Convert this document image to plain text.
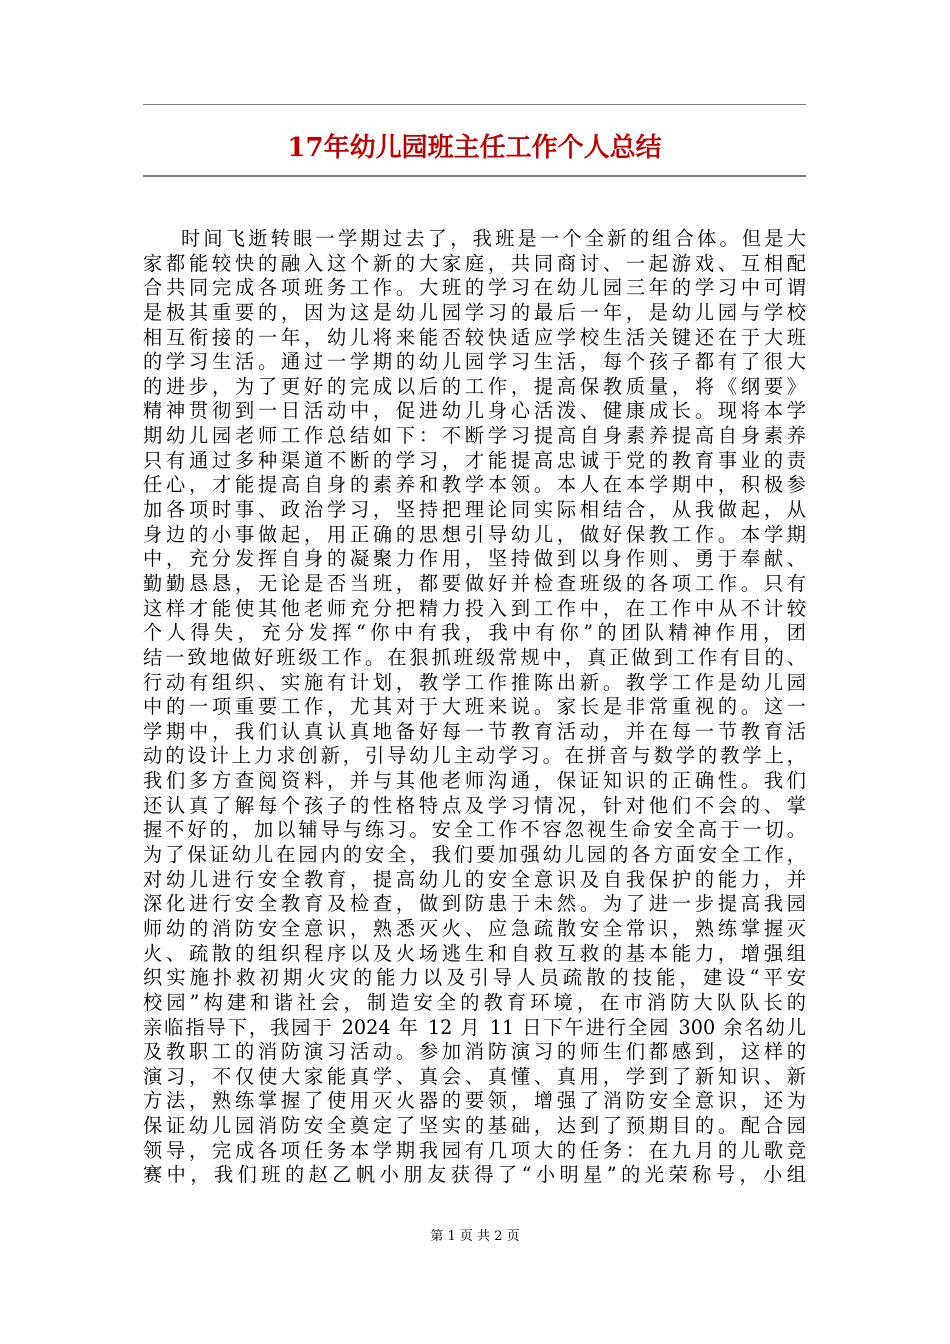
17年幼儿园班主任工作个人总结
时间飞逝转眼一学期过去了，我班是一个全新的组合体。但是大
家都能较快的融入这个新的大家庭，共同商讨、一起游戏、互相配
合共同完成各项班务工作。大班的学习在幼儿园三年的学习中可谓
是极其重要的，因为这是幼儿园学习的最后一年，是幼儿园与学校
相互衔接的一年，幼儿将来能否较快适应学校生活关键还在于大班
的学习生活。通过一学期的幼儿园学习生活，每个孩子都有了很大
的进步，为了更好的完成以后的工作，提高保教质量，将《纲要》
精神贯彻到一日活动中，促进幼儿身心活泼、健康成长。现将本学
期幼儿园老师工作总结如下：不断学习提高自身素养提高自身素养
只有通过多种渠道不断的学习，才能提高忠诚于党的教育事业的责
任心，才能提高自身的素养和教学本领。本人在本学期中，积极参
加各项时事、政治学习，坚持把理论同实际相结合，从我做起，从
身边的小事做起，用正确的思想引导幼儿，做好保教工作。本学期
中，充分发挥自身的凝聚力作用，坚持做到以身作则、勇于奉献、
勤勤恳恳，无论是否当班，都要做好并检查班级的各项工作。只有
这样才能使其他老师充分把精力投入到工作中，在工作中从不计较
个人得失，充分发挥“你中有我，我中有你”的团队精神作用，团
结一致地做好班级工作。在狠抓班级常规中，真正做到工作有目的、
行动有组织、实施有计划，教学工作推陈出新。教学工作是幼儿园
中的一项重要工作，尤其对于大班来说。家长是非常重视的。这一
学期中，我们认真认真地备好每一节教育活动，并在每一节教育活
动的设计上力求创新，引导幼儿主动学习。在拼音与数学的教学上，
我们多方查阅资料，并与其他老师沟通，保证知识的正确性。我们
还认真了解每个孩子的性格特点及学习情况，针对他们不会的、掌
握不好的，加以辅导与练习。安全工作不容忽视生命安全高于一切。
为了保证幼儿在园内的安全，我们要加强幼儿园的各方面安全工作，
对幼儿进行安全教育，提高幼儿的安全意识及自我保护的能力，并
深化进行安全教育及检查，做到防患于未然。为了进一步提高我园
师幼的消防安全意识，熟悉灭火、应急疏散安全常识，熟练掌握灭
火、疏散的组织程序以及火场逃生和自救互救的基本能力，增强组
织实施扑救初期火灾的能力以及引导人员疏散的技能，建设“平安
校园”构建和谐社会，制造安全的教育环境，在市消防大队队长的
亲临指导下，我园于 2024 年 12 月 11 日下午进行全园 300 余名幼儿
及教职工的消防演习活动。参加消防演习的师生们都感到，这样的
演习，不仅使大家能真学、真会、真懂、真用，学到了新知识、新
方法，熟练掌握了使用灭火器的要领，增强了消防安全意识，还为
保证幼儿园消防安全奠定了坚实的基础，达到了预期目的。配合园
领导，完成各项任务本学期我园有几项大的任务：在九月的儿歌竞
赛中，我们班的赵乙帆小朋友获得了“小明星”的光荣称号，小组
第 1 页 共 2 页
